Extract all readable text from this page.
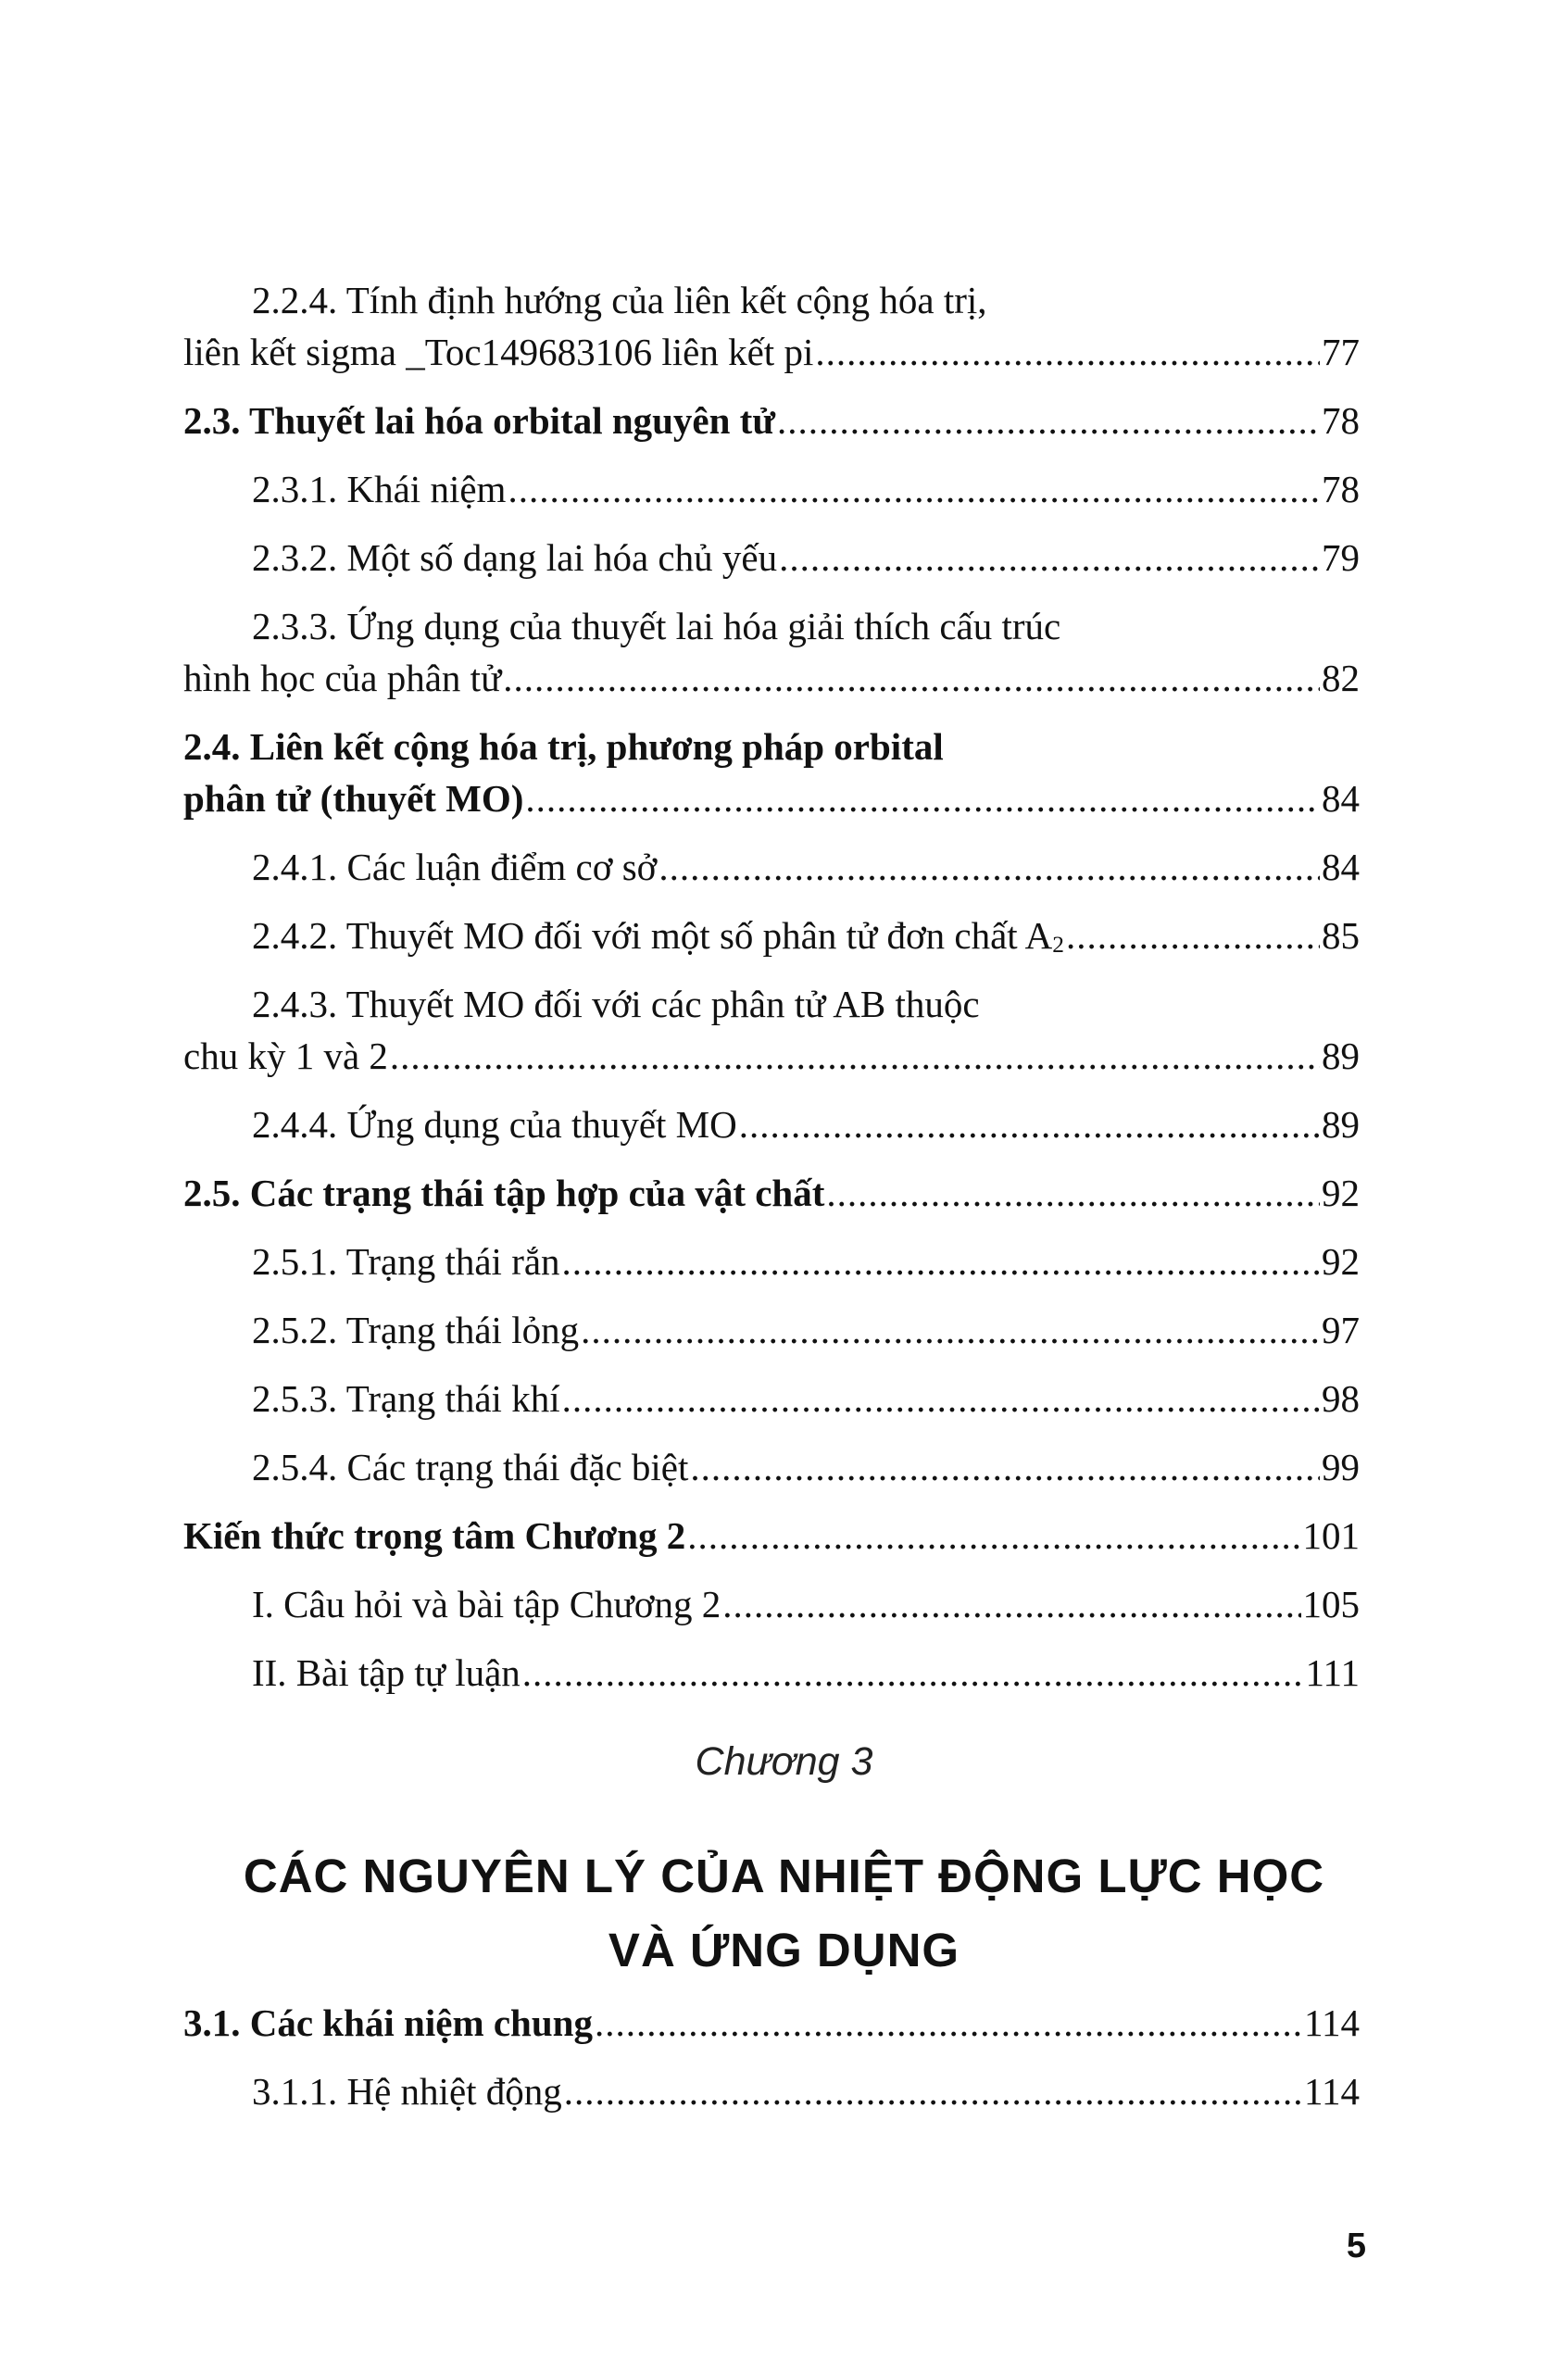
2.2.4. Tính định hướng của liên kết cộng hóa trị,
liên kết sigma _Toc149683106 liên kết pi .....	77
2.3. Thuyết lai hóa orbital nguyên tử .....	78
2.3.1. Khái niệm .....	78
2.3.2. Một số dạng lai hóa chủ yếu .....	79
2.3.3. Ứng dụng của thuyết lai hóa giải thích cấu trúc
hình học của phân tử .....	82
2.4. Liên kết cộng hóa trị, phương pháp orbital
phân tử (thuyết MO) .....	84
2.4.1. Các luận điểm cơ sở .....	84
2.4.2. Thuyết MO đối với một số phân tử đơn chất $A_2$ .....	85
2.4.3. Thuyết MO đối với các phân tử AB thuộc
chu kỳ 1 và 2 .....	89
2.4.4. Ứng dụng của thuyết MO .....	89
2.5. Các trạng thái tập hợp của vật chất .....	92
2.5.1. Trạng thái rắn .....	92
2.5.2. Trạng thái lỏng .....	97
2.5.3. Trạng thái khí .....	98
2.5.4. Các trạng thái đặc biệt .....	99
Kiến thức trọng tâm Chương 2 .....	101
I. Câu hỏi và bài tập Chương 2 .....	105
II. Bài tập tự luận .....	111
Chương 3
CÁC NGUYÊN LÝ CỦA NHIỆT ĐỘNG LỰC HỌC
VÀ ỨNG DỤNG
3.1. Các khái niệm chung .....	114
3.1.1. Hệ nhiệt động .....	114
5
